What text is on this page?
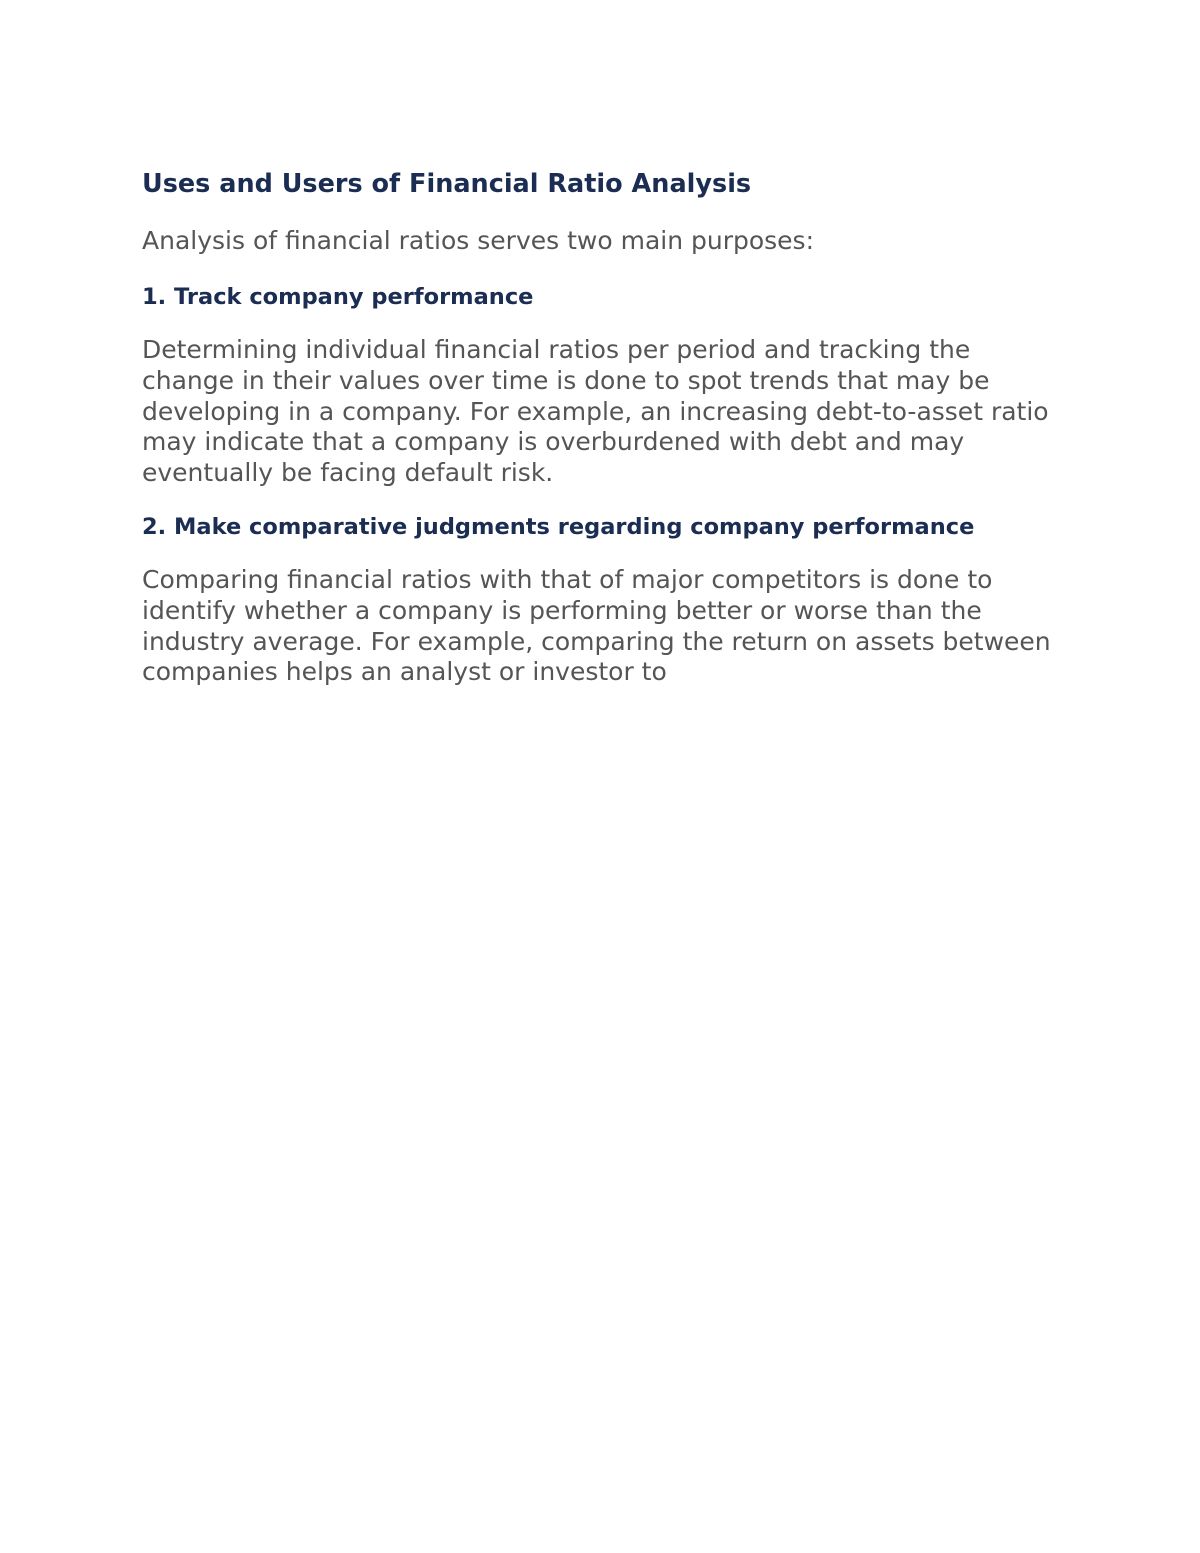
Uses and Users of Financial Ratio Analysis

Analysis of financial ratios serves two main purposes:

1. Track company performance

Determining individual financial ratios per period and tracking the change in their values over time is done to spot trends that may be developing in a company. For example, an increasing debt-to-asset ratio may indicate that a company is overburdened with debt and may eventually be facing default risk.

2. Make comparative judgments regarding company performance

Comparing financial ratios with that of major competitors is done to identify whether a company is performing better or worse than the industry average. For example, comparing the return on assets between companies helps an analyst or investor to
